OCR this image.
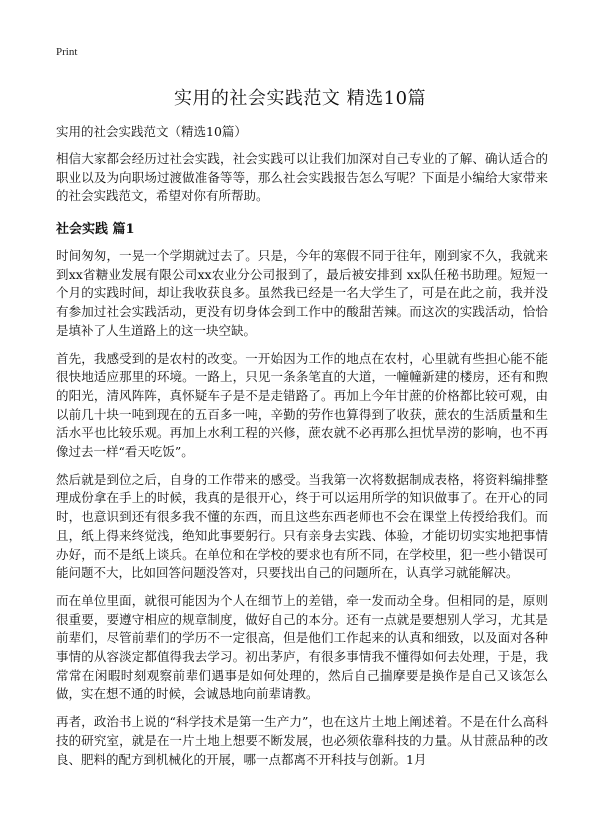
Print
实用的社会实践范文 精选10篇
实用的社会实践范文（精选10篇）

相信大家都会经历过社会实践，社会实践可以让我们加深对自己专业的了解、确认适合的职业以及为向职场过渡做准备等等，那么社会实践报告怎么写呢？下面是小编给大家带来的社会实践范文，希望对你有所帮助。

社会实践 篇1

时间匆匆，一晃一个学期就过去了。只是，今年的寒假不同于往年，刚到家不久，我就来到xx省糖业发展有限公司xx农业分公司报到了，最后被安排到 xx队任秘书助理。短短一个月的实践时间，却让我收获良多。虽然我已经是一名大学生了，可是在此之前，我并没有参加过社会实践活动，更没有切身体会到工作中的酸甜苦辣。而这次的实践活动，恰恰是填补了人生道路上的这一块空缺。

首先，我感受到的是农村的改变。一开始因为工作的地点在农村，心里就有些担心能不能很快地适应那里的环境。一路上，只见一条条笔直的大道，一幢幢新建的楼房，还有和煦的阳光，清风阵阵，真怀疑车子是不是走错路了。再加上今年甘蔗的价格都比较可观，由以前几十块一吨到现在的五百多一吨，辛勤的劳作也算得到了收获，蔗农的生活质量和生活水平也比较乐观。再加上水利工程的兴修，蔗农就不必再那么担忧旱涝的影响，也不再像过去一样“看天吃饭”。

然后就是到位之后，自身的工作带来的感受。当我第一次将数据制成表格，将资料编排整理成份拿在手上的时候，我真的是很开心，终于可以运用所学的知识做事了。在开心的同时，也意识到还有很多我不懂的东西，而且这些东西老师也不会在课堂上传授给我们。而且，纸上得来终觉浅，绝知此事要躬行。只有亲身去实践、体验，才能切切实实地把事情办好，而不是纸上谈兵。在单位和在学校的要求也有所不同，在学校里，犯一些小错误可能问题不大，比如回答问题没答对，只要找出自己的问题所在，认真学习就能解决。

而在单位里面，就很可能因为个人在细节上的差错，牵一发而动全身。但相同的是，原则很重要，要遵守相应的规章制度，做好自己的本分。还有一点就是要想别人学习，尤其是前辈们，尽管前辈们的学历不一定很高，但是他们工作起来的认真和细致，以及面对各种事情的从容淡定都值得我去学习。初出茅庐，有很多事情我不懂得如何去处理，于是，我常常在闲暇时刻观察前辈们遇事是如何处理的，然后自己揣摩要是换作是自己又该怎么做，实在想不通的时候，会诚恳地向前辈请教。

再者，政治书上说的“科学技术是第一生产力”，也在这片土地上阐述着。不是在什么高科技的研究室，就是在一片土地上想要不断发展，也必须依靠科技的力量。从甘蔗品种的改良、肥料的配方到机械化的开展，哪一点都离不开科技与创新。1月
